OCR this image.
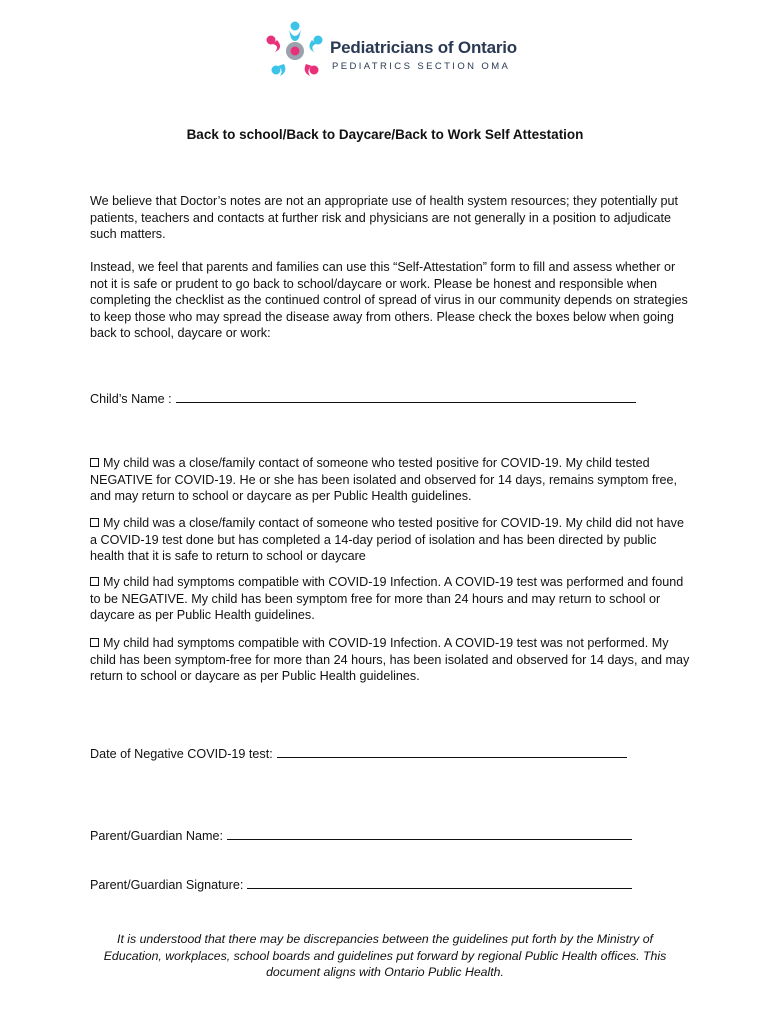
Pediatricians of Ontario
PEDIATRICS SECTION OMA
Back to school/Back to Daycare/Back to Work Self Attestation

We believe that Doctor’s notes are not an appropriate use of health system resources; they potentially put patients, teachers and contacts at further risk and physicians are not generally in a position to adjudicate such matters.

Instead, we feel that parents and families can use this “Self-Attestation” form to fill and assess whether or not it is safe or prudent to go back to school/daycare or work. Please be honest and responsible when completing the checklist as the continued control of spread of virus in our community depends on strategies to keep those who may spread the disease away from others. Please check the boxes below when going back to school, daycare or work:

Child’s Name :
My child was a close/family contact of someone who tested positive for COVID-19. My child tested NEGATIVE for COVID-19. He or she has been isolated and observed for 14 days, remains symptom free, and may return to school or daycare as per Public Health guidelines.
My child was a close/family contact of someone who tested positive for COVID-19. My child did not have a COVID-19 test done but has completed a 14-day period of isolation and has been directed by public health that it is safe to return to school or daycare
My child had symptoms compatible with COVID-19 Infection. A COVID-19 test was performed and found to be NEGATIVE. My child has been symptom free for more than 24 hours and may return to school or daycare as per Public Health guidelines.
My child had symptoms compatible with COVID-19 Infection. A COVID-19 test was not performed. My child has been symptom-free for more than 24 hours, has been isolated and observed for 14 days, and may return to school or daycare as per Public Health guidelines.
Date of Negative COVID-19 test:
Parent/Guardian Name:
Parent/Guardian Signature:
It is understood that there may be discrepancies between the guidelines put forth by the Ministry of Education, workplaces, school boards and guidelines put forward by regional Public Health offices. This document aligns with Ontario Public Health.
